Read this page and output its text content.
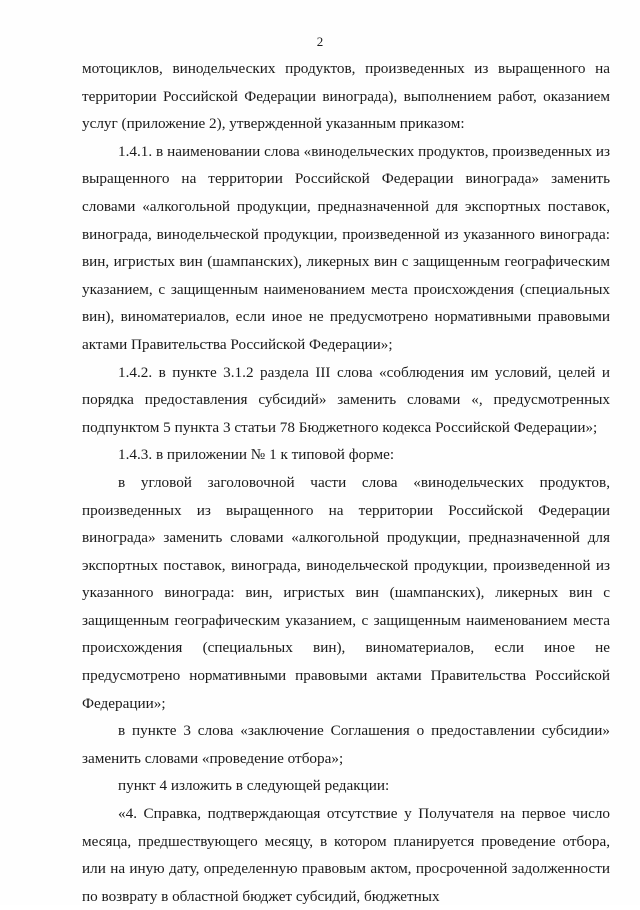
2

мотоциклов, винодельческих продуктов, произведенных из выращенного на территории Российской Федерации винограда), выполнением работ, оказанием услуг (приложение 2), утвержденной указанным приказом:

1.4.1. в наименовании слова «винодельческих продуктов, произведенных из выращенного на территории Российской Федерации винограда» заменить словами «алкогольной продукции, предназначенной для экспортных поставок, винограда, винодельческой продукции, произведенной из указанного винограда: вин, игристых вин (шампанских), ликерных вин с защищенным географическим указанием, с защищенным наименованием места происхождения (специальных вин), виноматериалов, если иное не предусмотрено нормативными правовыми актами Правительства Российской Федерации»;

1.4.2. в пункте 3.1.2 раздела III слова «соблюдения им условий, целей и порядка предоставления субсидий» заменить словами «, предусмотренных подпунктом 5 пункта 3 статьи 78 Бюджетного кодекса Российской Федерации»;

1.4.3. в приложении № 1 к типовой форме:

в угловой заголовочной части слова «винодельческих продуктов, произведенных из выращенного на территории Российской Федерации винограда» заменить словами «алкогольной продукции, предназначенной для экспортных поставок, винограда, винодельческой продукции, произведенной из указанного винограда: вин, игристых вин (шампанских), ликерных вин с защищенным географическим указанием, с защищенным наименованием места происхождения (специальных вин), виноматериалов, если иное не предусмотрено нормативными правовыми актами Правительства Российской Федерации»;

в пункте 3 слова «заключение Соглашения о предоставлении субсидии» заменить словами «проведение отбора»;

пункт 4 изложить в следующей редакции:

«4. Справка, подтверждающая отсутствие у Получателя на первое число месяца, предшествующего месяцу, в котором планируется проведение отбора, или на иную дату, определенную правовым актом, просроченной задолженности по возврату в областной бюджет субсидий, бюджетных
